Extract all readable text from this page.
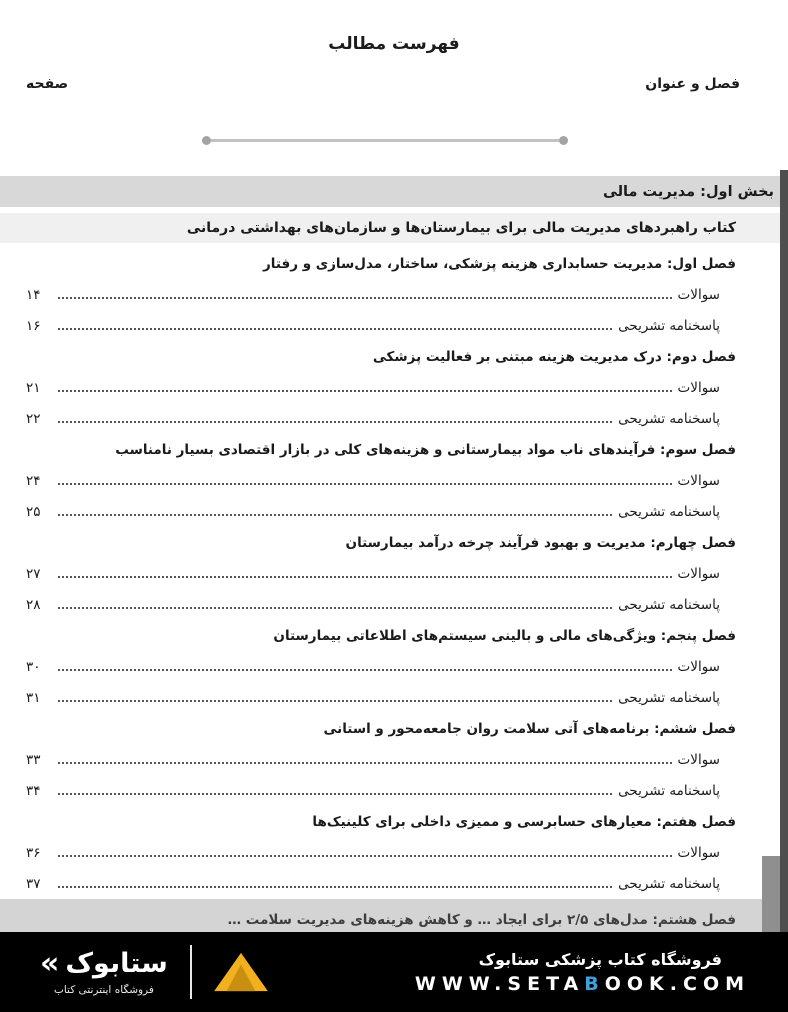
فهرست مطالب
فصل و عنوان
صفحه
بخش اول: مدیریت مالی
کتاب راهبردهای مدیریت مالی برای بیمارستان‌ها و سازمان‌های بهداشتی درمانی
فصل اول: مدیریت حسابداری هزینه پزشکی، ساختار، مدل‌سازی و رفتار
سوالات
۱۴
پاسخنامه تشریحی
۱۶
فصل دوم: درک مدیریت هزینه مبتنی بر فعالیت پزشکی
سوالات
۲۱
پاسخنامه تشریحی
۲۲
فصل سوم: فرآیندهای ناب مواد بیمارستانی و هزینه‌های کلی در بازار اقتصادی بسیار نامناسب
سوالات
۲۴
پاسخنامه تشریحی
۲۵
فصل چهارم: مدیریت و بهبود فرآیند چرخه درآمد بیمارستان
سوالات
۲۷
پاسخنامه تشریحی
۲۸
فصل پنجم: ویژگی‌های مالی و بالینی سیستم‌های اطلاعاتی بیمارستان
سوالات
۳۰
پاسخنامه تشریحی
۳۱
فصل ششم: برنامه‌های آتی سلامت روان جامعه‌محور و استانی
سوالات
۳۳
پاسخنامه تشریحی
۳۴
فصل هفتم: معیارهای حسابرسی و ممیزی داخلی برای کلینیک‌ها
سوالات
۳۶
پاسخنامه تشریحی
۳۷
فصل هشتم: مدل‌های ۲/۵ برای ایجاد … و کاهش هزینه‌های مدیریت سلامت …
« ستابوک
فروشگاه اینترنتی کتاب
فروشگاه کتاب پزشکی ستابوک
WWW.SETABOOK.COM
